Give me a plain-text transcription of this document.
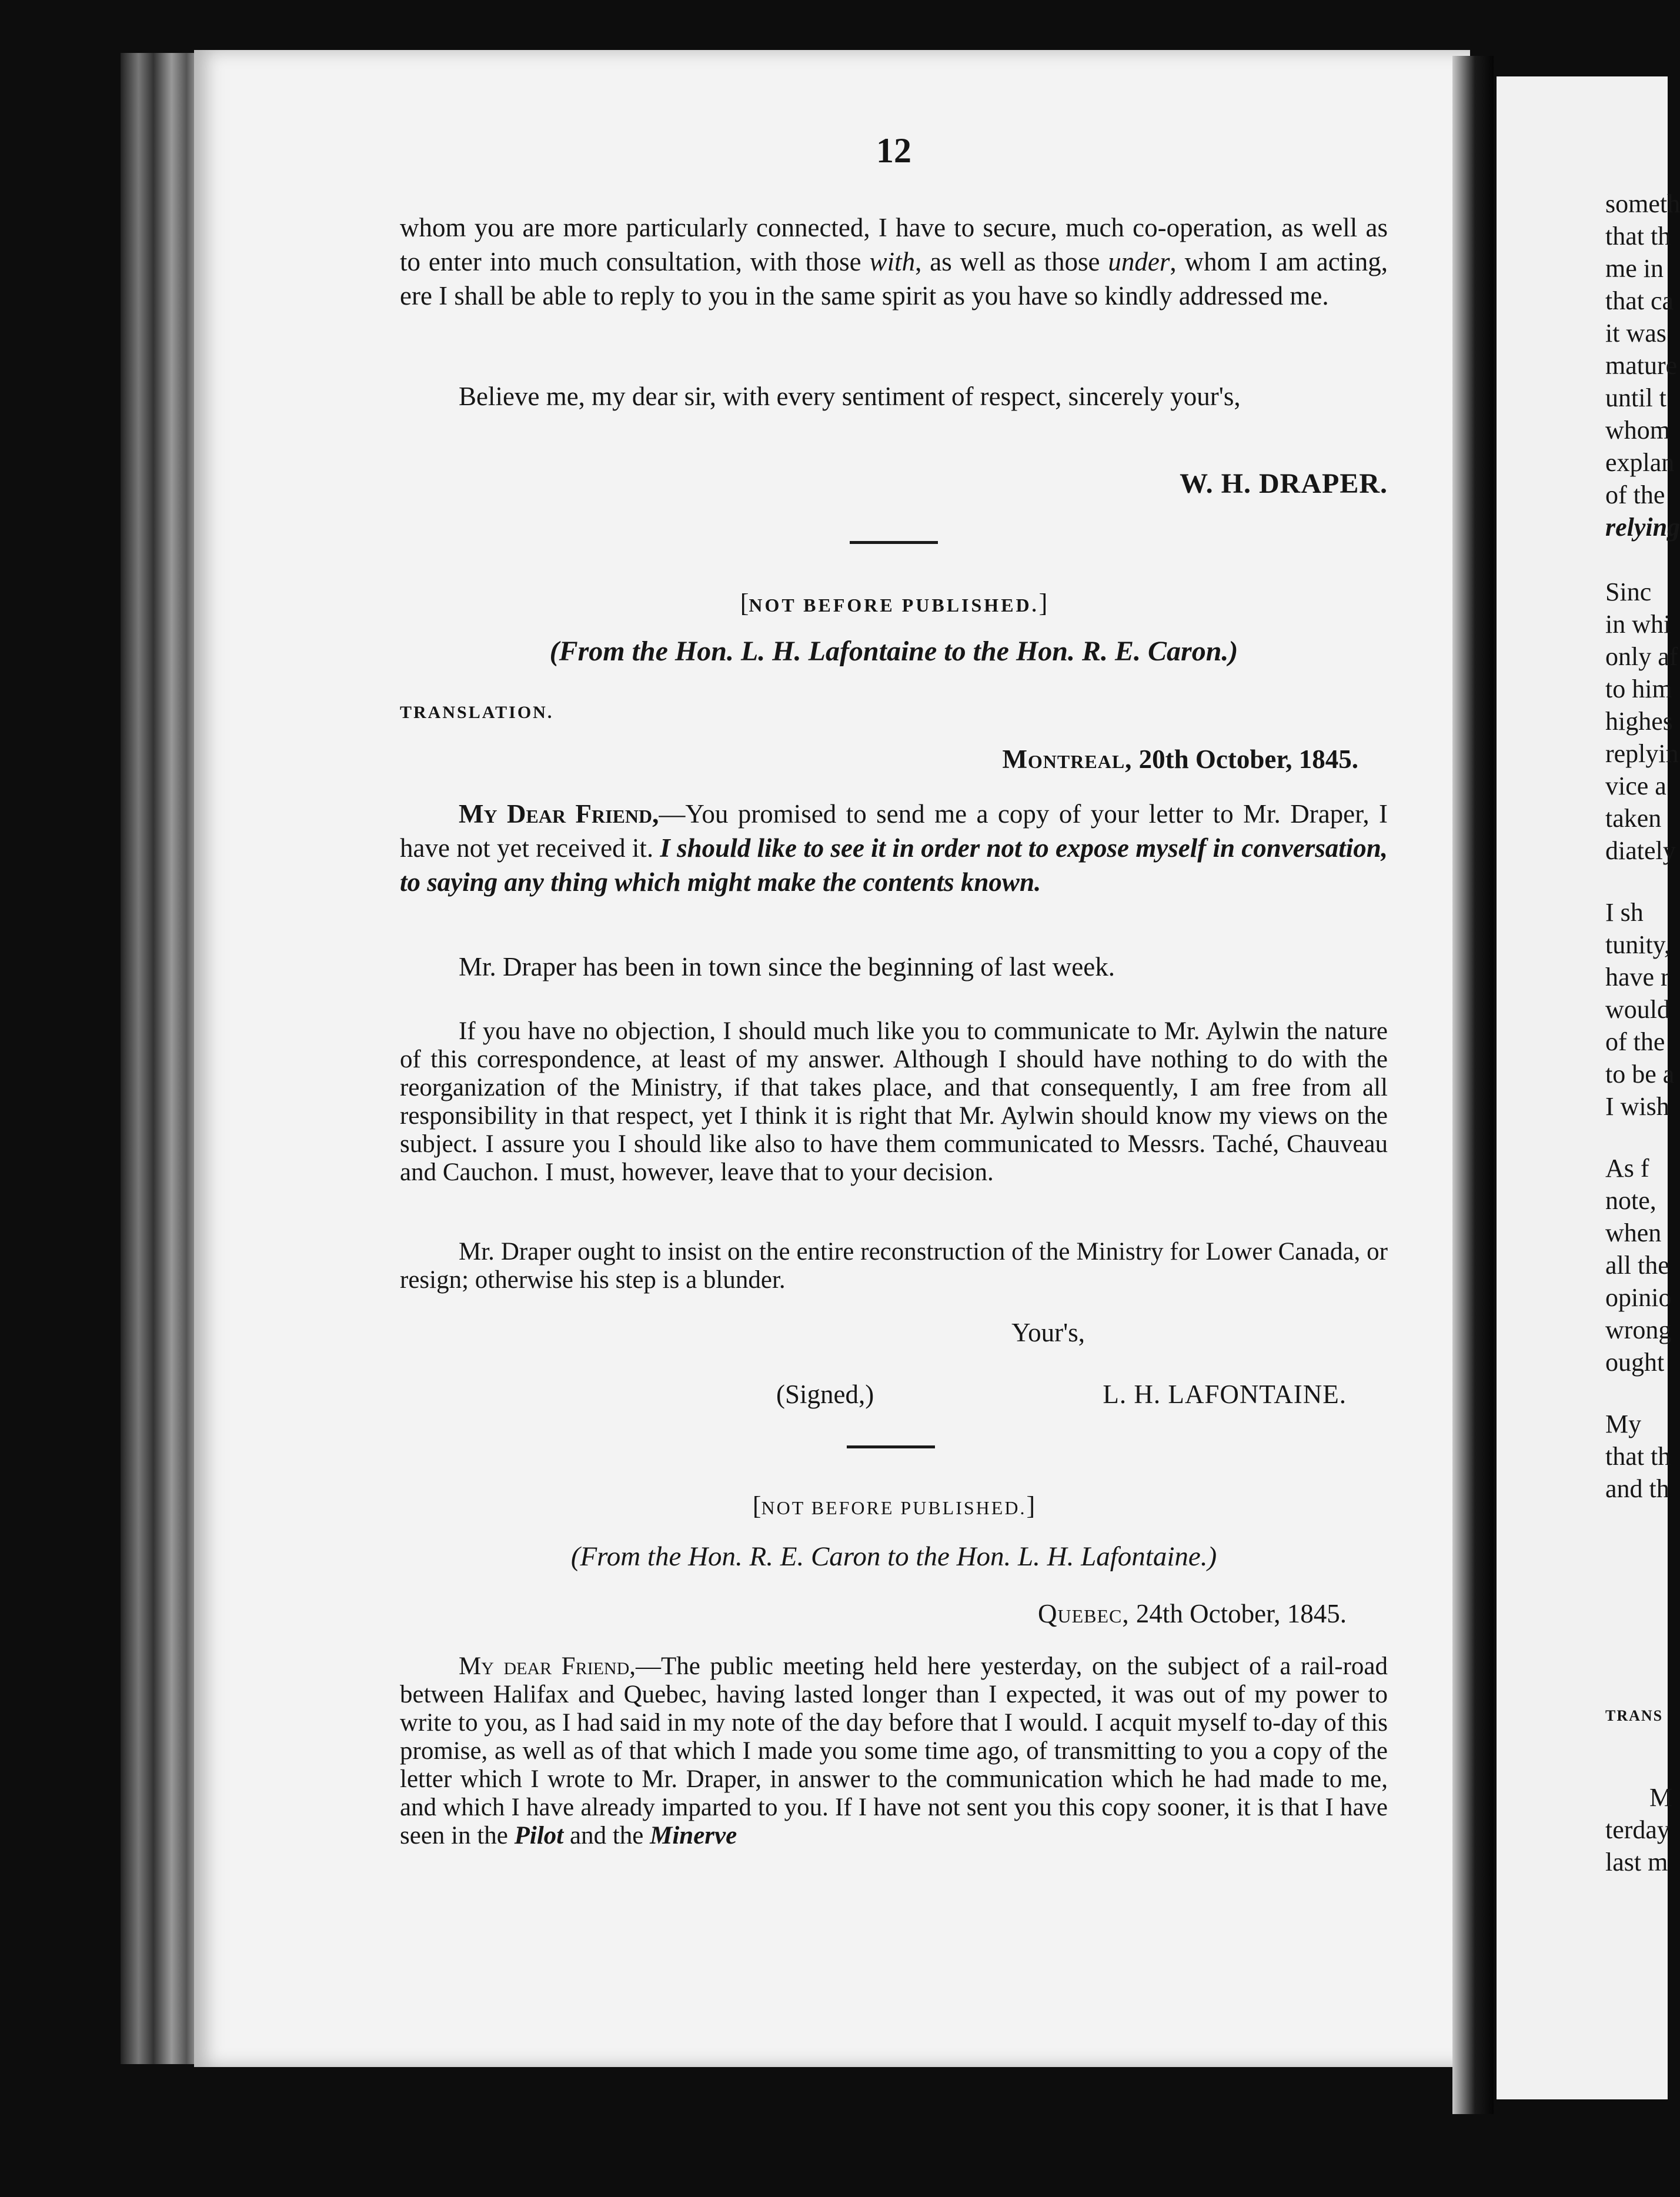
someth
that th
me in
that ca
it was
mature
until t
whom
explan
of the
relying
Sinc
in whi
only af
to him
highes
replyin
vice a
taken
diately
I sh
tunity,
have r
would
of the
to be a
I wish
As f
note,
when
all the
opinio
wrong
ought
My
that th
and th
TRANS
M
terday
last m
12

whom you are more particularly connected, I have to secure, much co-operation, as well as to enter into much consultation, with those with, as well as those under, whom I am acting, ere I shall be able to reply to you in the same spirit as you have so kindly addressed me.

Believe me, my dear sir, with every sentiment of respect, sincerely your's,

W. H. DRAPER.
[NOT BEFORE PUBLISHED.]
(From the Hon. L. H. Lafontaine to the Hon. R. E. Caron.)
TRANSLATION.
Montreal, 20th October, 1845.

My Dear Friend,—You promised to send me a copy of your letter to Mr. Draper, I have not yet received it. I should like to see it in order not to expose myself in conversation, to saying any thing which might make the contents known.

Mr. Draper has been in town since the beginning of last week.

If you have no objection, I should much like you to communicate to Mr. Aylwin the nature of this correspondence, at least of my answer. Although I should have nothing to do with the reorganization of the Ministry, if that takes place, and that consequently, I am free from all responsibility in that respect, yet I think it is right that Mr. Aylwin should know my views on the subject. I assure you I should like also to have them communicated to Messrs. Taché, Chauveau and Cauchon. I must, however, leave that to your decision.

Mr. Draper ought to insist on the entire reconstruction of the Ministry for Lower Canada, or resign; otherwise his step is a blunder.

Your's,
(Signed,)	L. H. LAFONTAINE.
[NOT BEFORE PUBLISHED.]
(From the Hon. R. E. Caron to the Hon. L. H. Lafontaine.)
Quebec, 24th October, 1845.

My dear Friend,—The public meeting held here yesterday, on the subject of a rail-road between Halifax and Quebec, having lasted longer than I expected, it was out of my power to write to you, as I had said in my note of the day before that I would. I acquit myself to-day of this promise, as well as of that which I made you some time ago, of transmitting to you a copy of the letter which I wrote to Mr. Draper, in answer to the communication which he had made to me, and which I have already imparted to you. If I have not sent you this copy sooner, it is that I have seen in the Pilot and the Minerve
